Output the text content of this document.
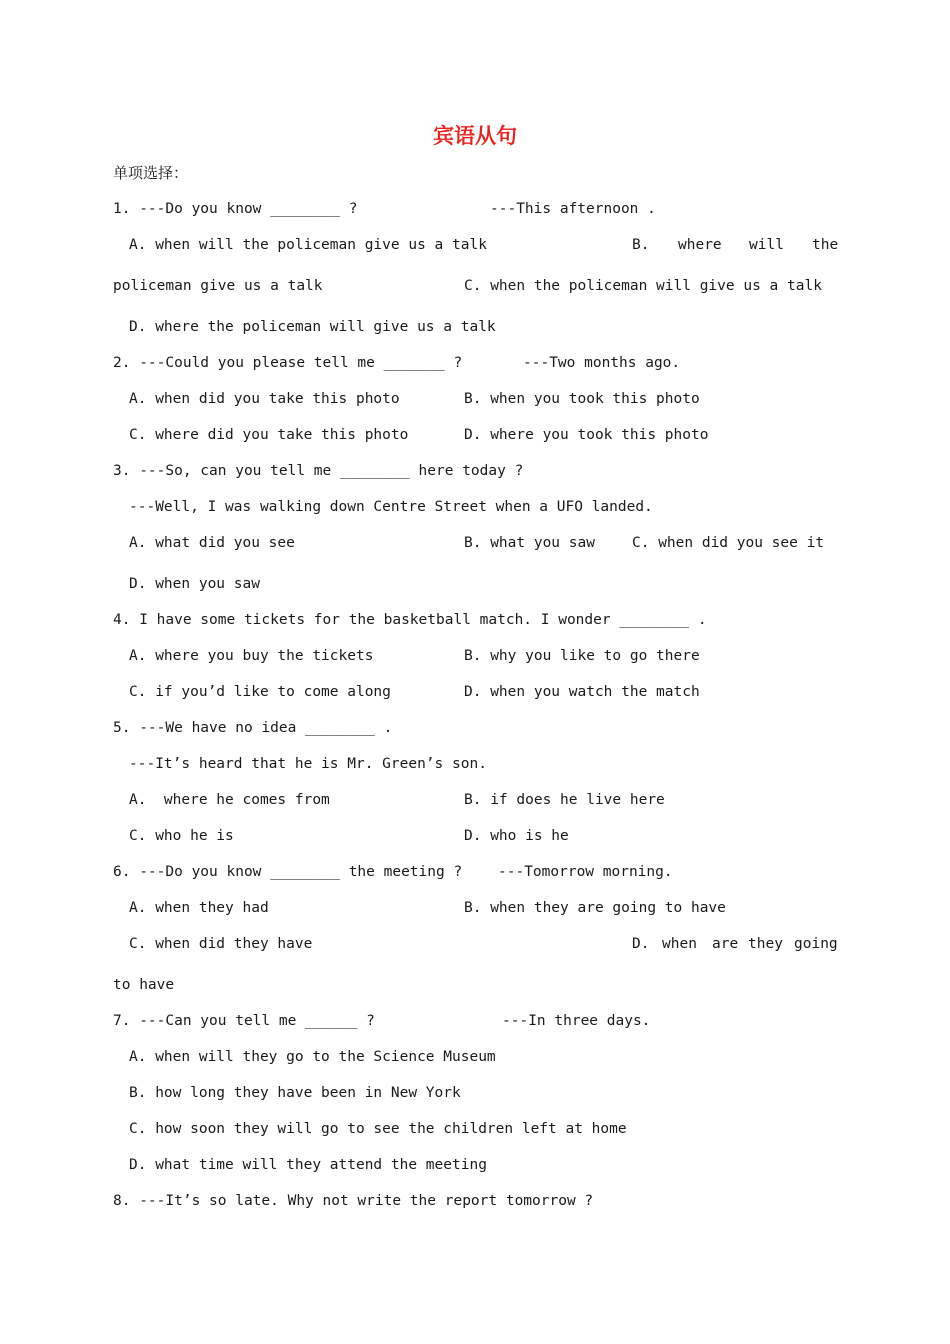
宾语从句

单项选择：

1. ---Do you know ________ ?	---This afternoon .

A. when will the policeman give us a talk	B. where will the

policeman give us a talk	C. when the policeman will give us a talk

D. where the policeman will give us a talk

2. ---Could you please tell me _______ ?	---Two months ago.

A. when did you take this photo	B. when you took this photo

C. where did you take this photo	D. where you took this photo

3. ---So, can you tell me ________ here today ?

---Well, I was walking down Centre Street when a UFO landed.

A. what did you see	B. what you saw	C. when did you see it

D. when you saw

4. I have some tickets for the basketball match. I wonder ________ .

A. where you buy the tickets	B. why you like to go there

C. if you’d like to come along	D. when you watch the match

5. ---We have no idea ________ .

---It’s heard that he is Mr. Green’s son.

A.  where he comes from	B. if does he live here

C. who he is	D. who is he

6. ---Do you know ________ the meeting ? ---Tomorrow morning.

A. when they had	B. when they are going to have

C. when did they have	D. when are they going

to have

7. ---Can you tell me ______ ?	---In three days.

A. when will they go to the Science Museum

B. how long they have been in New York

C. how soon they will go to see the children left at home

D. what time will they attend the meeting

8. ---It’s so late. Why not write the report tomorrow ?
